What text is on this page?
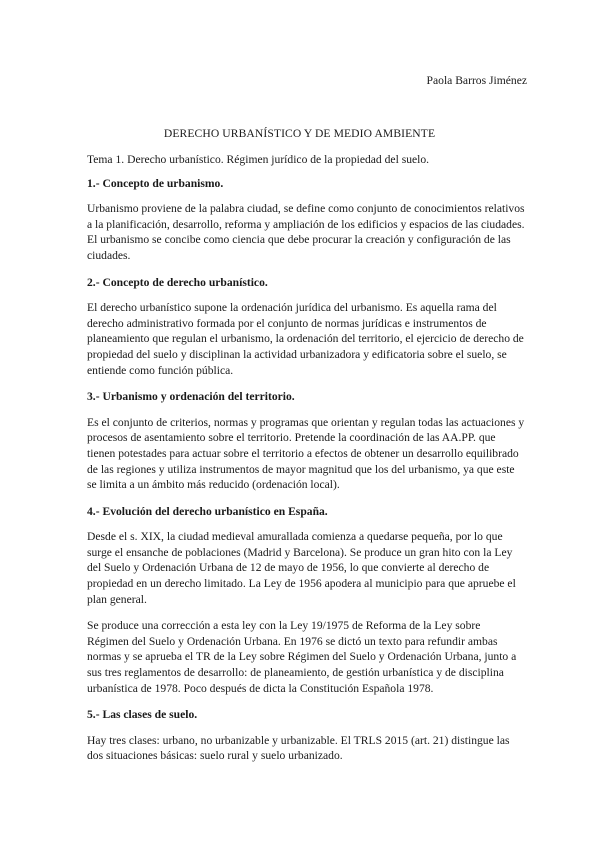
Paola Barros Jiménez
DERECHO URBANÍSTICO Y DE MEDIO AMBIENTE
Tema 1. Derecho urbanístico. Régimen jurídico de la propiedad del suelo.
1.- Concepto de urbanismo.

Urbanismo proviene de la palabra ciudad, se define como conjunto de conocimientos relativos a la planificación, desarrollo, reforma y ampliación de los edificios y espacios de las ciudades. El urbanismo se concibe como ciencia que debe procurar la creación y configuración de las ciudades.

2.- Concepto de derecho urbanístico.

El derecho urbanístico supone la ordenación jurídica del urbanismo. Es aquella rama del derecho administrativo formada por el conjunto de normas jurídicas e instrumentos de planeamiento que regulan el urbanismo, la ordenación del territorio, el ejercicio de derecho de propiedad del suelo y disciplinan la actividad urbanizadora y edificatoria sobre el suelo, se entiende como función pública.

3.- Urbanismo y ordenación del territorio.

Es el conjunto de criterios, normas y programas que orientan y regulan todas las actuaciones y procesos de asentamiento sobre el territorio. Pretende la coordinación de las AA.PP. que tienen potestades para actuar sobre el territorio a efectos de obtener un desarrollo equilibrado de las regiones y utiliza instrumentos de mayor magnitud que los del urbanismo, ya que este se limita a un ámbito más reducido (ordenación local).

4.- Evolución del derecho urbanístico en España.

Desde el s. XIX, la ciudad medieval amurallada comienza a quedarse pequeña, por lo que surge el ensanche de poblaciones (Madrid y Barcelona). Se produce un gran hito con la Ley del Suelo y Ordenación Urbana de 12 de mayo de 1956, lo que convierte al derecho de propiedad en un derecho limitado. La Ley de 1956 apodera al municipio para que apruebe el plan general.

Se produce una corrección a esta ley con la Ley 19/1975 de Reforma de la Ley sobre Régimen del Suelo y Ordenación Urbana. En 1976 se dictó un texto para refundir ambas normas y se aprueba el TR de la Ley sobre Régimen del Suelo y Ordenación Urbana, junto a sus tres reglamentos de desarrollo: de planeamiento, de gestión urbanística y de disciplina urbanística de 1978. Poco después de dicta la Constitución Española 1978.

5.- Las clases de suelo.

Hay tres clases: urbano, no urbanizable y urbanizable. El TRLS 2015 (art. 21) distingue las dos situaciones básicas: suelo rural y suelo urbanizado.
